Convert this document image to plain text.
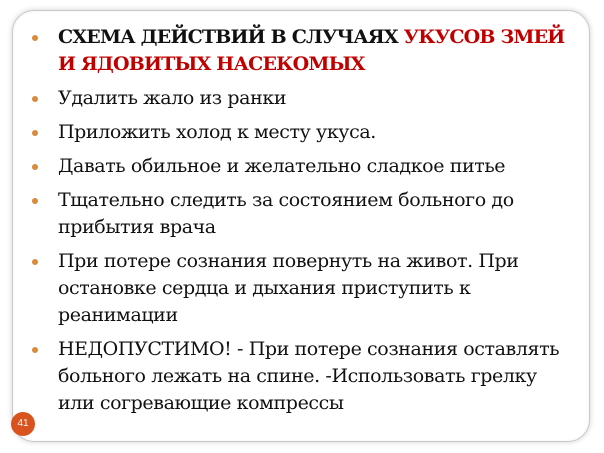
СХЕМА ДЕЙСТВИЙ В СЛУЧАЯХ УКУСОВ ЗМЕЙ И ЯДОВИТЫХ НАСЕКОМЫХ
Удалить жало из ранки
Приложить холод к месту укуса.
Давать обильное и желательно сладкое питье
Тщательно следить за состоянием больного до прибытия врача
При потере сознания повернуть на живот. При остановке сердца и дыхания приступить к реанимации
НЕДОПУСТИМО! - При потере сознания оставлять больного лежать на спине. -Использовать грелку или согревающие компрессы
41
